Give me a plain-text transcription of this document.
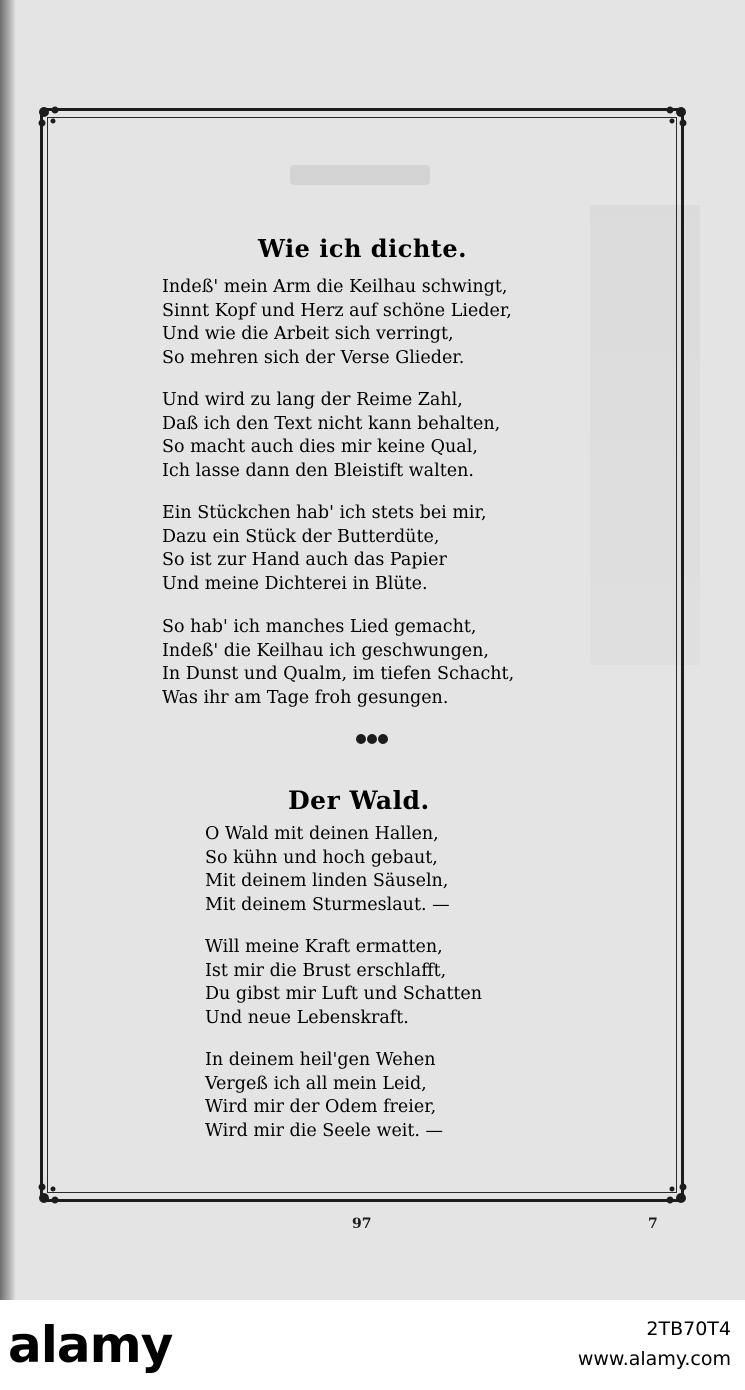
Wie ich dichte.
Indeß' mein Arm die Keilhau schwingt,
Sinnt Kopf und Herz auf schöne Lieder,
Und wie die Arbeit sich verringt,
So mehren sich der Verse Glieder.
Und wird zu lang der Reime Zahl,
Daß ich den Text nicht kann behalten,
So macht auch dies mir keine Qual,
Ich lasse dann den Bleistift walten.
Ein Stückchen hab' ich stets bei mir,
Dazu ein Stück der Butterdüte,
So ist zur Hand auch das Papier
Und meine Dichterei in Blüte.
So hab' ich manches Lied gemacht,
Indeß' die Keilhau ich geschwungen,
In Dunst und Qualm, im tiefen Schacht,
Was ihr am Tage froh gesungen.
Der Wald.
O Wald mit deinen Hallen,
So kühn und hoch gebaut,
Mit deinem linden Säuseln,
Mit deinem Sturmeslaut. —
Will meine Kraft ermatten,
Ist mir die Brust erschlafft,
Du gibst mir Luft und Schatten
Und neue Lebenskraft.
In deinem heil'gen Wehen
Vergeß ich all mein Leid,
Wird mir der Odem freier,
Wird mir die Seele weit. —
97	7
alamy	2TB70T4
www.alamy.com
